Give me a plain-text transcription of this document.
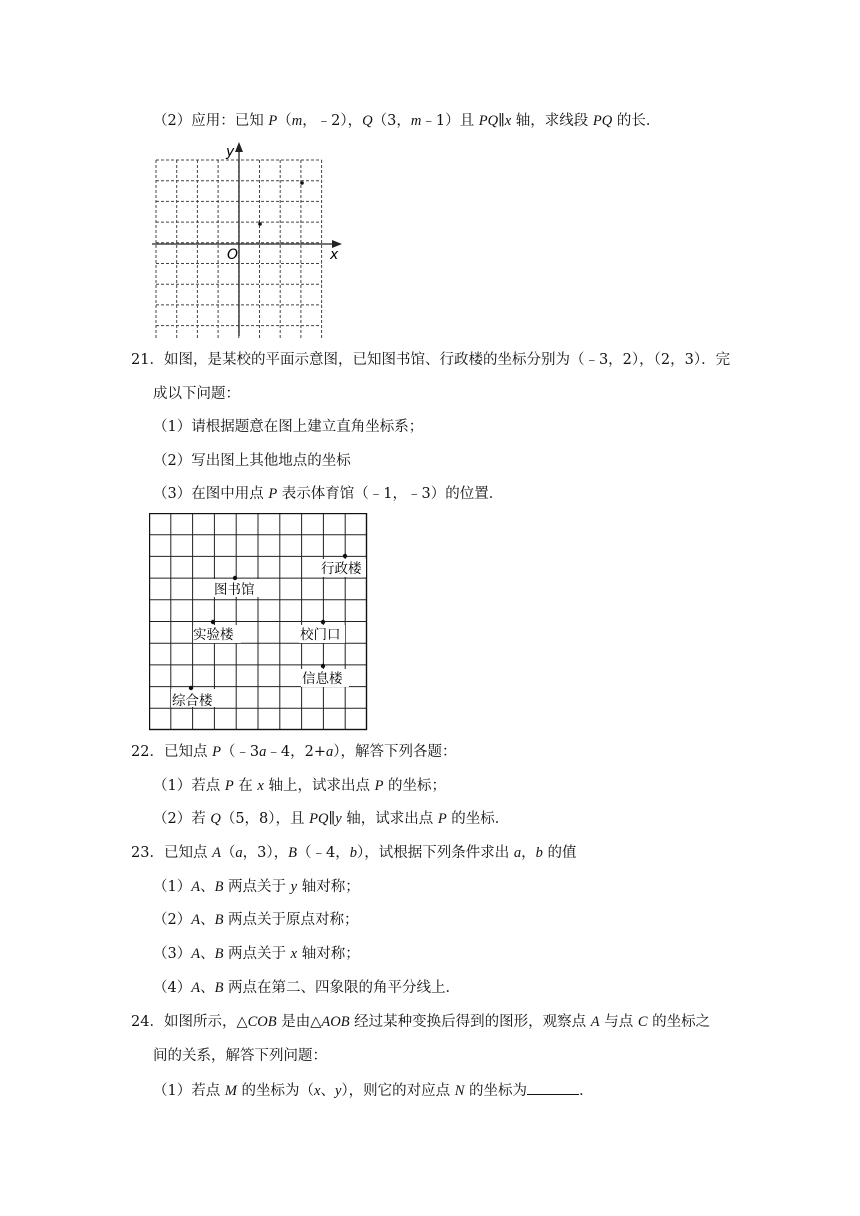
（2）应用：已知 P（m，﹣2），Q（3，m﹣1）且 PQ∥x 轴，求线段 PQ 的长．
y
x
O
21．如图，是某校的平面示意图，已知图书馆、行政楼的坐标分别为（﹣3，2），（2，3）．完
成以下问题：
（1）请根据题意在图上建立直角坐标系；
（2）写出图上其他地点的坐标
（3）在图中用点 P 表示体育馆（﹣1，﹣3）的位置．
行政楼
图书馆
实验楼	校门口
信息楼
综合楼
22．已知点 P（﹣3a﹣4，2+a），解答下列各题：
（1）若点 P 在 x 轴上，试求出点 P 的坐标；
（2）若 Q（5，8），且 PQ∥y 轴，试求出点 P 的坐标．
23．已知点 A（a，3），B（﹣4，b），试根据下列条件求出 a，b 的值
（1）A、B 两点关于 y 轴对称；
（2）A、B 两点关于原点对称；
（3）A、B 两点关于 x 轴对称；
（4）A、B 两点在第二、四象限的角平分线上．
24．如图所示，△COB 是由△AOB 经过某种变换后得到的图形，观察点 A 与点 C 的坐标之
间的关系，解答下列问题：
（1）若点 M 的坐标为（x、y），则它的对应点 N 的坐标为	．
